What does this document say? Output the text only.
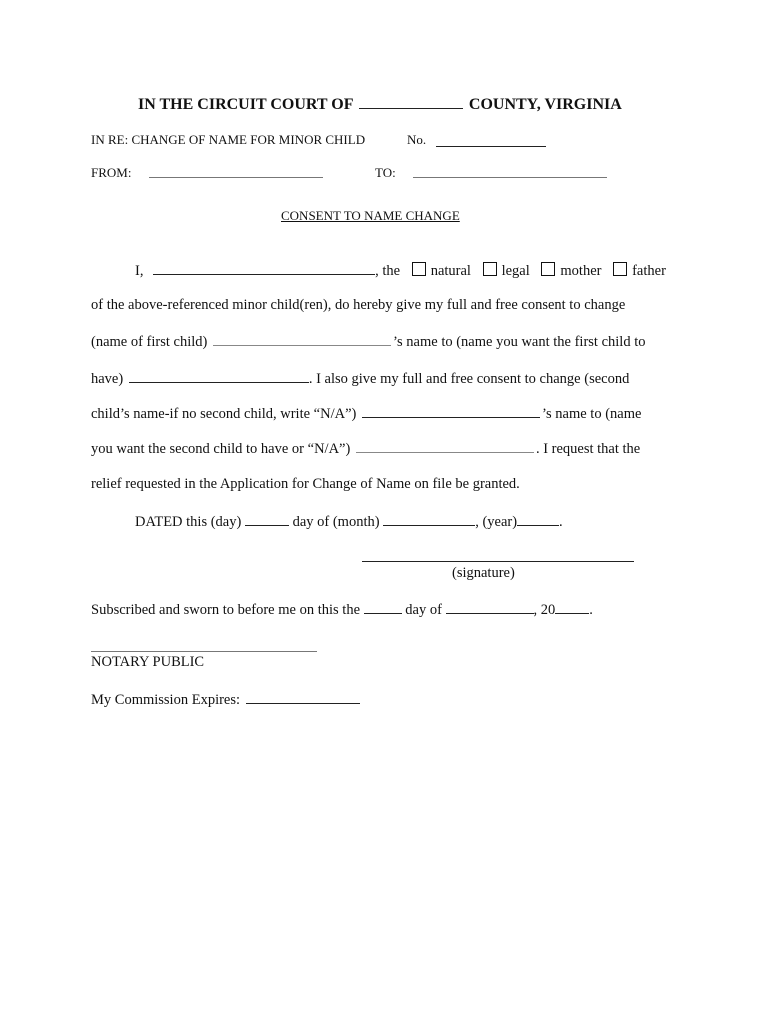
IN THE CIRCUIT COURT OF	COUNTY, VIRGINIA
IN RE: CHANGE OF NAME FOR MINOR CHILD	No.
FROM:	TO:
CONSENT TO NAME CHANGE
I,	, the natural legal mother father
of the above-referenced minor child(ren), do hereby give my full and free consent to change
(name of first child)	’s name to (name you want the first child to
have)	. I also give my full and free consent to change (second
child’s name-if no second child, write “N/A”)	’s name to (name
you want the second child to have or “N/A”)	. I request that the
relief requested in the Application for Change of Name on file be granted.
DATED this (day)	day of (month)	, (year)	.
(signature)
Subscribed and sworn to before me on this the	day of	, 20 .
NOTARY PUBLIC
My Commission Expires:
